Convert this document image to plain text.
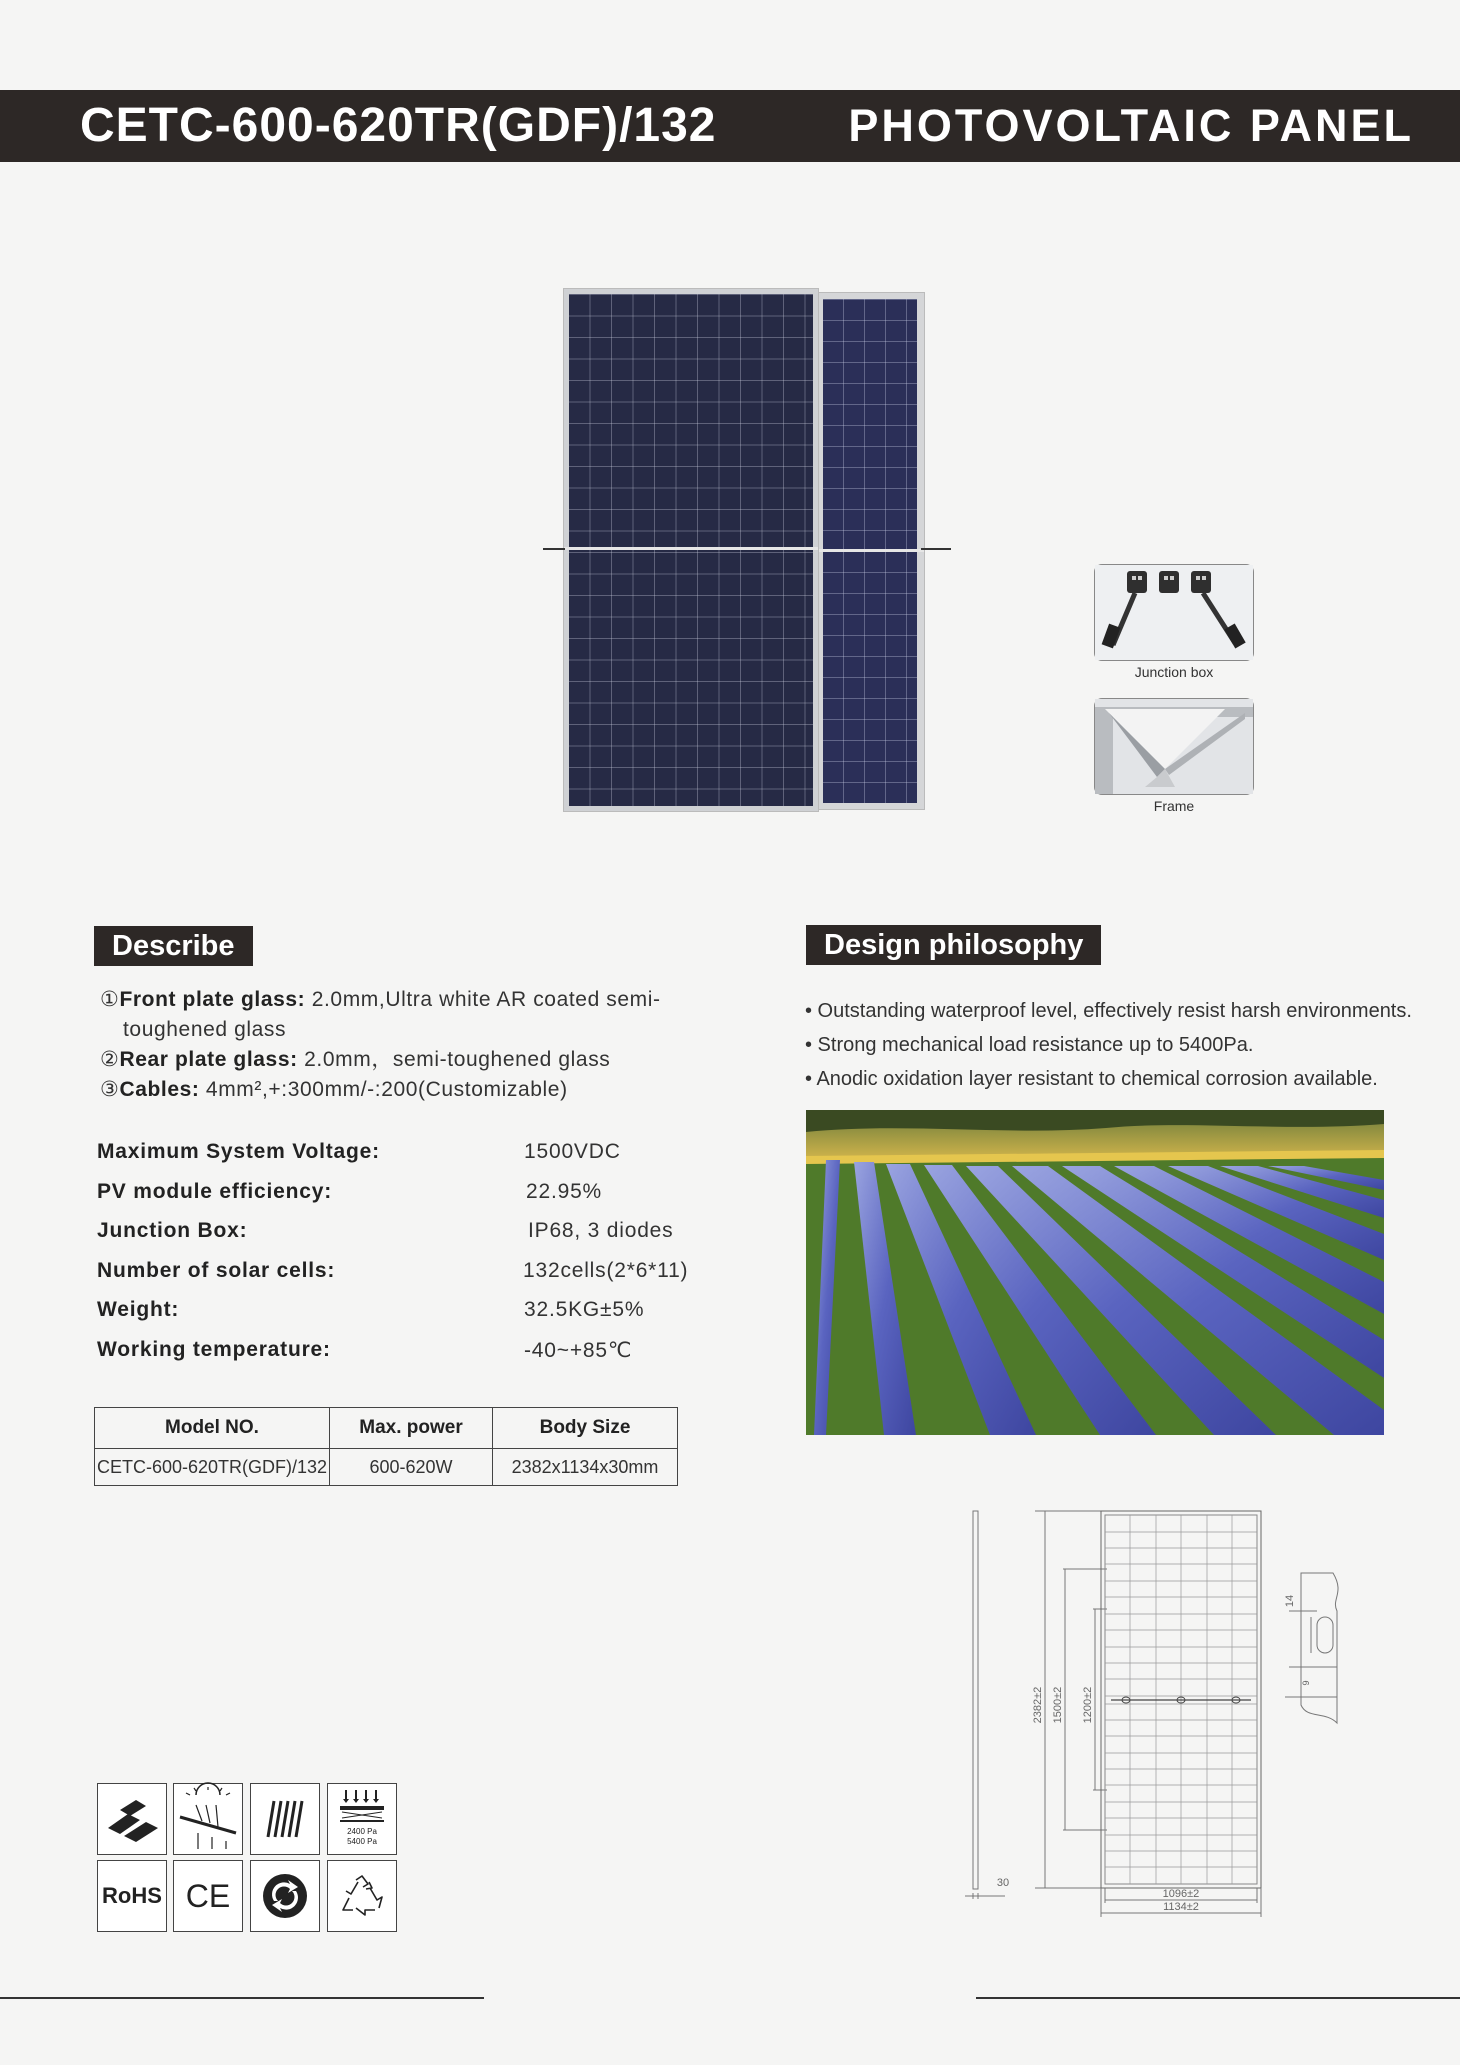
CETC-600-620TR(GDF)/132	PHOTOVOLTAIC PANEL
Junction box
Frame
Describe

①Front plate glass: 2.0mm,Ultra white AR coated semi-

toughened glass

②Rear plate glass: 2.0mm，semi-toughened glass

③Cables: 4mm²,+:300mm/-:200(Customizable)

Maximum System Voltage:	1500VDC
PV module efficiency:	22.95%
Junction Box:	IP68, 3 diodes
Number of solar cells:	132cells(2*6*11)
Weight:	32.5KG±5%
Working temperature:	-40~+85℃
Model NO.	Max. power	Body Size
CETC-600-620TR(GDF)/132	600-620W	2382x1134x30mm
Design philosophy
• Outstanding waterproof level, effectively resist harsh environments.
• Strong mechanical load resistance up to 5400Pa.
• Anodic oxidation layer resistant to chemical corrosion available.
2382±2 1500±2 1200±2
1096±2
1134±2
30
14
9
2400 Pa
5400 Pa
RoHS CE
